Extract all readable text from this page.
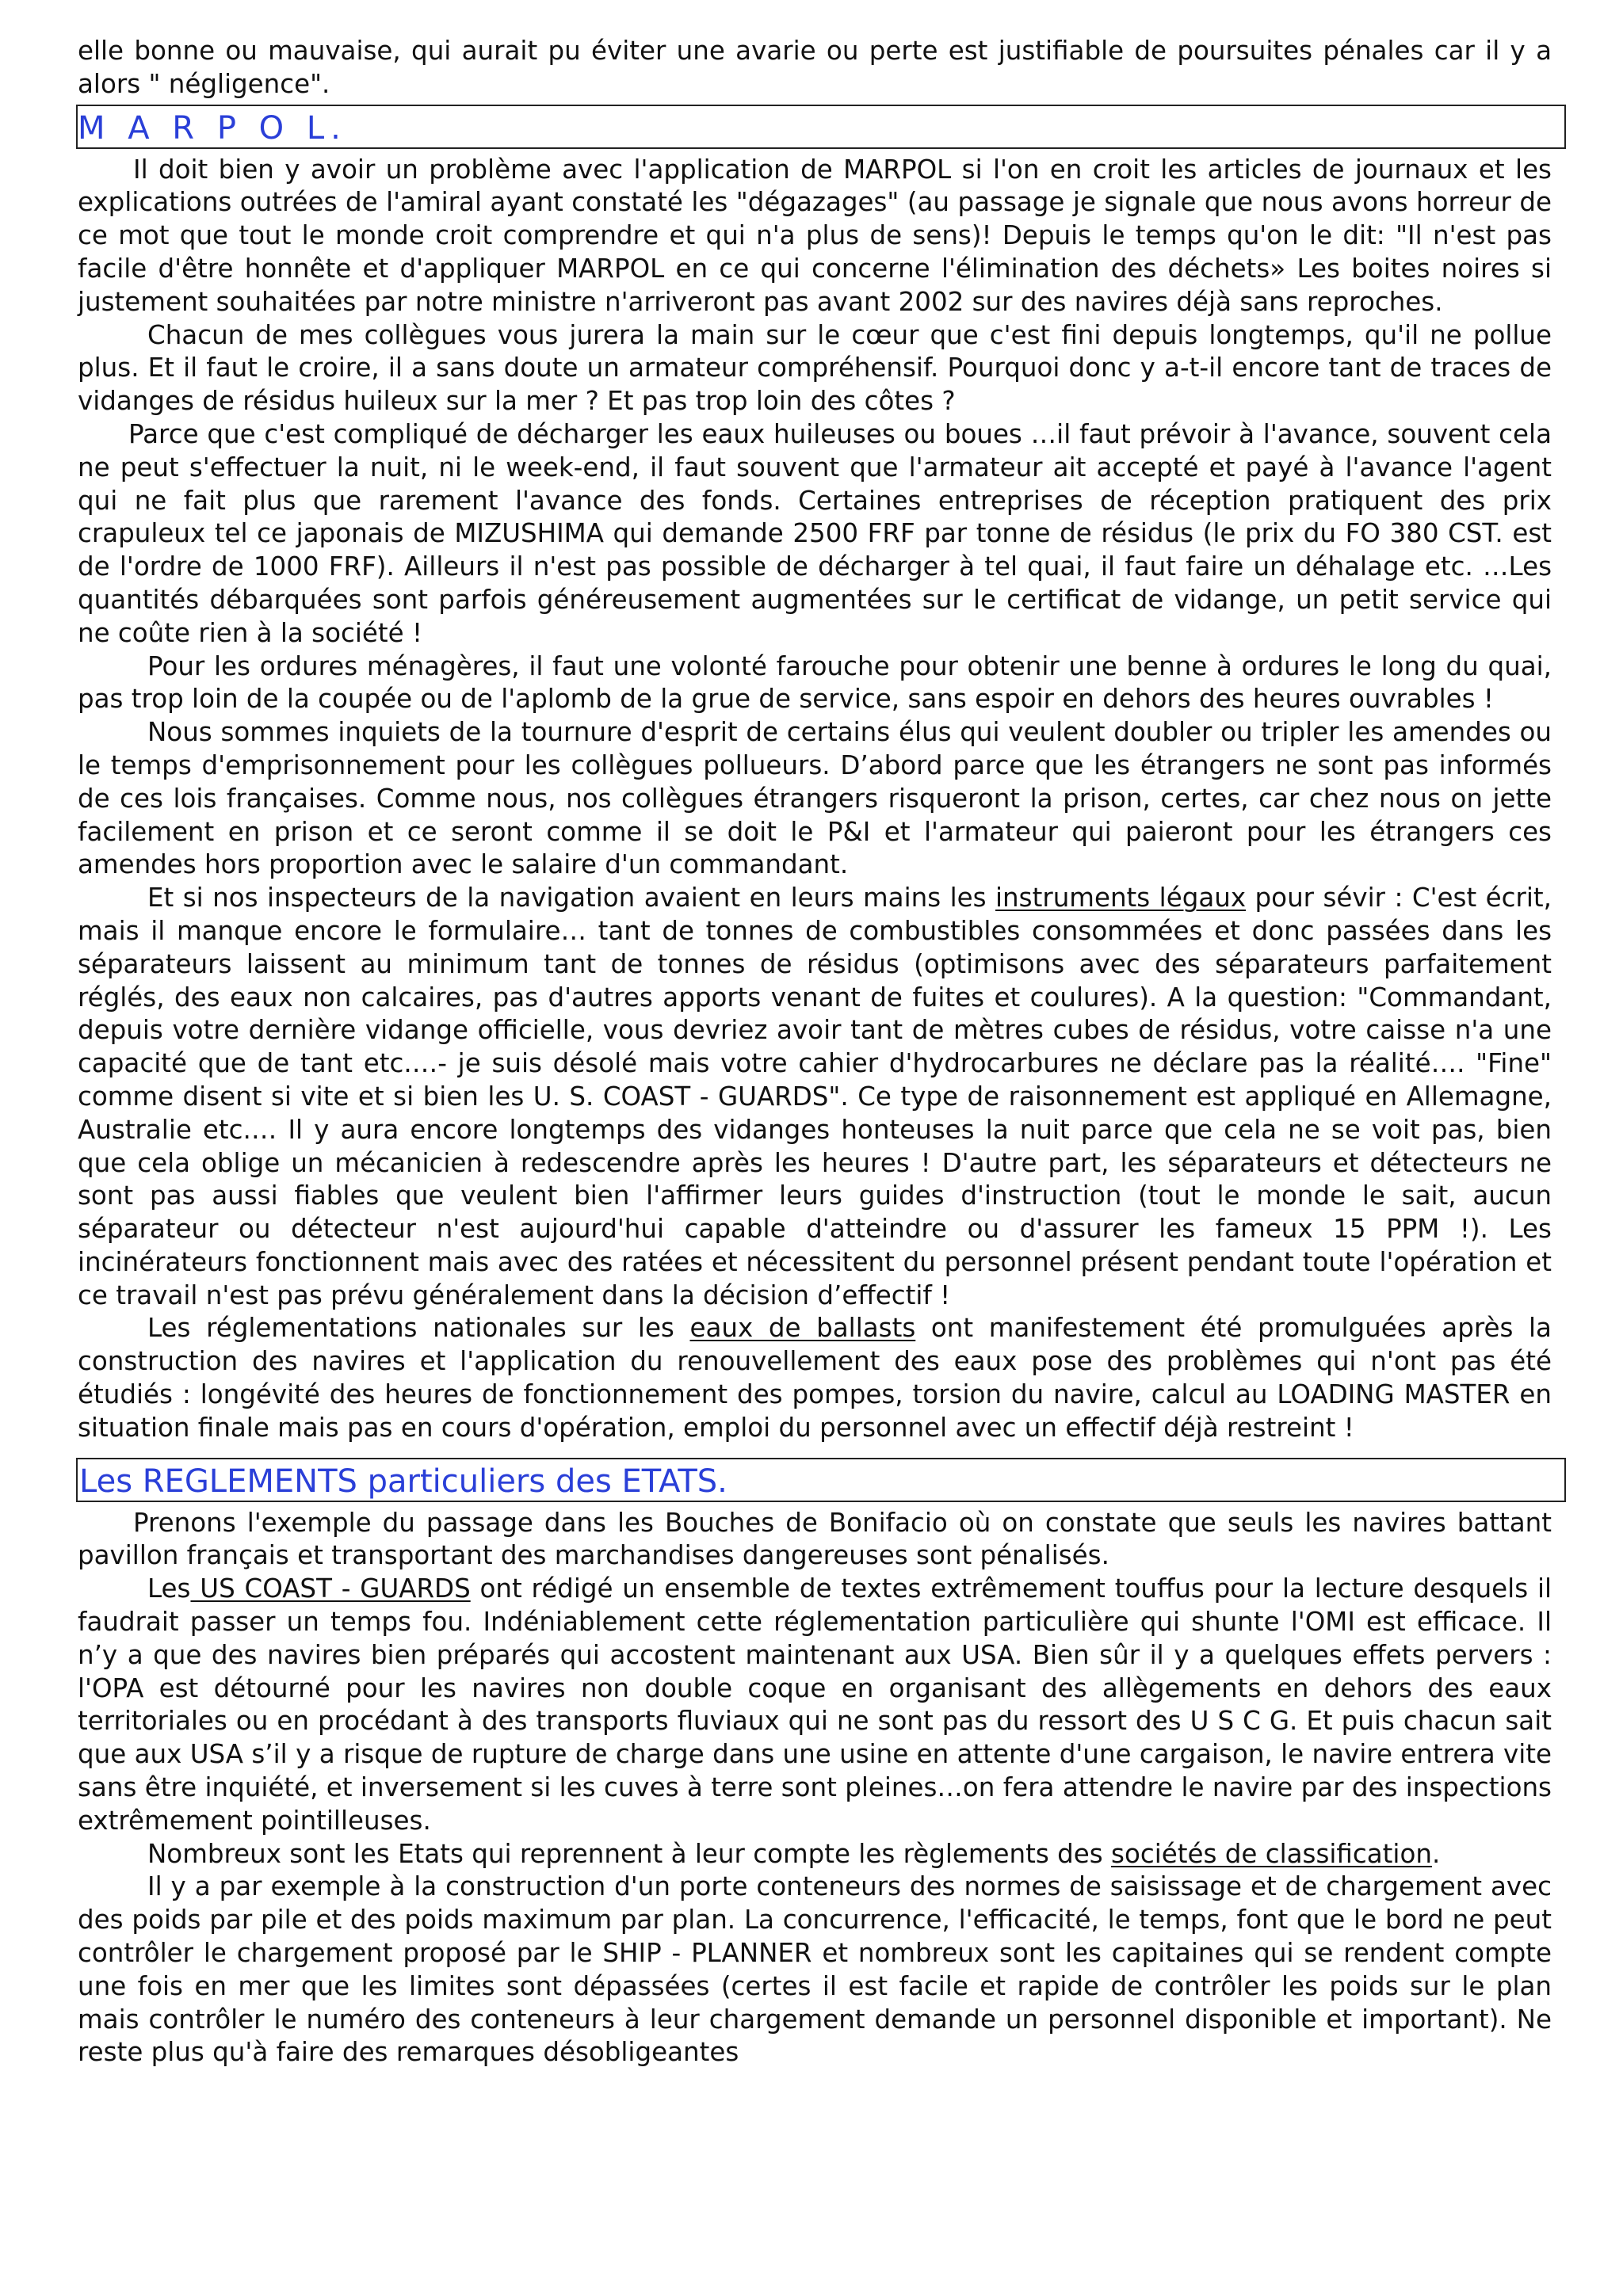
elle bonne ou mauvaise, qui aurait pu éviter une avarie ou perte est justifiable de poursuites pénales car il y a alors " négligence".

M A R P O L.

Il doit bien y avoir un problème avec l'application de MARPOL si l'on en croit les articles de journaux et les explications outrées de l'amiral ayant constaté les "dégazages" (au passage je signale que nous avons horreur de ce mot que tout le monde croit comprendre et qui n'a plus de sens)! Depuis le temps qu'on le dit: "Il n'est pas facile d'être honnête et d'appliquer MARPOL en ce qui concerne l'élimination des déchets» Les boites noires si justement souhaitées par notre ministre n'arriveront pas avant 2002 sur des navires déjà sans reproches.

Chacun de mes collègues vous jurera la main sur le cœur que c'est fini depuis longtemps, qu'il ne pollue plus. Et il faut le croire, il a sans doute un armateur compréhensif. Pourquoi donc y a-t-il encore tant de traces de vidanges de résidus huileux sur la mer ? Et pas trop loin des côtes ?

Parce que c'est compliqué de décharger les eaux huileuses ou boues …il faut prévoir à l'avance, souvent cela ne peut s'effectuer la nuit, ni le week-end, il faut souvent que l'armateur ait accepté et payé à l'avance l'agent qui ne fait plus que rarement l'avance des fonds. Certaines entreprises de réception pratiquent des prix crapuleux tel ce japonais de MIZUSHIMA qui demande 2500 FRF par tonne de résidus (le prix du FO 380 CST. est de l'ordre de 1000 FRF). Ailleurs il n'est pas possible de décharger à tel quai, il faut faire un déhalage etc. …Les quantités débarquées sont parfois généreusement augmentées sur le certificat de vidange, un petit service qui ne coûte rien à la société !

Pour les ordures ménagères, il faut une volonté farouche pour obtenir une benne à ordures le long du quai, pas trop loin de la coupée ou de l'aplomb de la grue de service, sans espoir en dehors des heures ouvrables !

Nous sommes inquiets de la tournure d'esprit de certains élus qui veulent doubler ou tripler les amendes ou le temps d'emprisonnement pour les collègues pollueurs. D’abord parce que les étrangers ne sont pas informés de ces lois françaises. Comme nous, nos collègues étrangers risqueront la prison, certes, car chez nous on jette facilement en prison et ce seront comme il se doit le P&I et l'armateur qui paieront pour les étrangers ces amendes hors proportion avec le salaire d'un commandant.

Et si nos inspecteurs de la navigation avaient en leurs mains les instruments légaux pour sévir : C'est écrit, mais il manque encore le formulaire… tant de tonnes de combustibles consommées et donc passées dans les séparateurs laissent au minimum tant de tonnes de résidus (optimisons avec des séparateurs parfaitement réglés, des eaux non calcaires, pas d'autres apports venant de fuites et coulures). A la question: "Commandant, depuis votre dernière vidange officielle, vous devriez avoir tant de mètres cubes de résidus, votre caisse n'a une capacité que de tant etc.…- je suis désolé mais votre cahier d'hydrocarbures ne déclare pas la réalité…. "Fine" comme disent si vite et si bien les U. S. COAST - GUARDS". Ce type de raisonnement est appliqué en Allemagne, Australie etc.… Il y aura encore longtemps des vidanges honteuses la nuit parce que cela ne se voit pas, bien que cela oblige un mécanicien à redescendre après les heures ! D'autre part, les séparateurs et détecteurs ne sont pas aussi fiables que veulent bien l'affirmer leurs guides d'instruction (tout le monde le sait, aucun séparateur ou détecteur n'est aujourd'hui capable d'atteindre ou d'assurer les fameux 15 PPM !). Les incinérateurs fonctionnent mais avec des ratées et nécessitent du personnel présent pendant toute l'opération et ce travail n'est pas prévu généralement dans la décision d’effectif !

Les réglementations nationales sur les eaux de ballasts ont manifestement été promulguées après la construction des navires et l'application du renouvellement des eaux pose des problèmes qui n'ont pas été étudiés : longévité des heures de fonctionnement des pompes, torsion du navire, calcul au LOADING MASTER en situation finale mais pas en cours d'opération, emploi du personnel avec un effectif déjà restreint !

Les REGLEMENTS particuliers des ETATS.

Prenons l'exemple du passage dans les Bouches de Bonifacio où on constate que seuls les navires battant pavillon français et transportant des marchandises dangereuses sont pénalisés.

Les US COAST - GUARDS ont rédigé un ensemble de textes extrêmement touffus pour la lecture desquels il faudrait passer un temps fou. Indéniablement cette réglementation particulière qui shunte l'OMI est efficace. Il n’y a que des navires bien préparés qui accostent maintenant aux USA. Bien sûr il y a quelques effets pervers : l'OPA est détourné pour les navires non double coque en organisant des allègements en dehors des eaux territoriales ou en procédant à des transports fluviaux qui ne sont pas du ressort des U S C G. Et puis chacun sait que aux USA s’il y a risque de rupture de charge dans une usine en attente d'une cargaison, le navire entrera vite sans être inquiété, et inversement si les cuves à terre sont pleines…on fera attendre le navire par des inspections extrêmement pointilleuses.

Nombreux sont les Etats qui reprennent à leur compte les règlements des sociétés de classification.

Il y a par exemple à la construction d'un porte conteneurs des normes de saisissage et de chargement avec des poids par pile et des poids maximum par plan. La concurrence, l'efficacité, le temps, font que le bord ne peut contrôler le chargement proposé par le SHIP - PLANNER et nombreux sont les capitaines qui se rendent compte une fois en mer que les limites sont dépassées (certes il est facile et rapide de contrôler les poids sur le plan mais contrôler le numéro des conteneurs à leur chargement demande un personnel disponible et important). Ne reste plus qu'à faire des remarques désobligeantes
